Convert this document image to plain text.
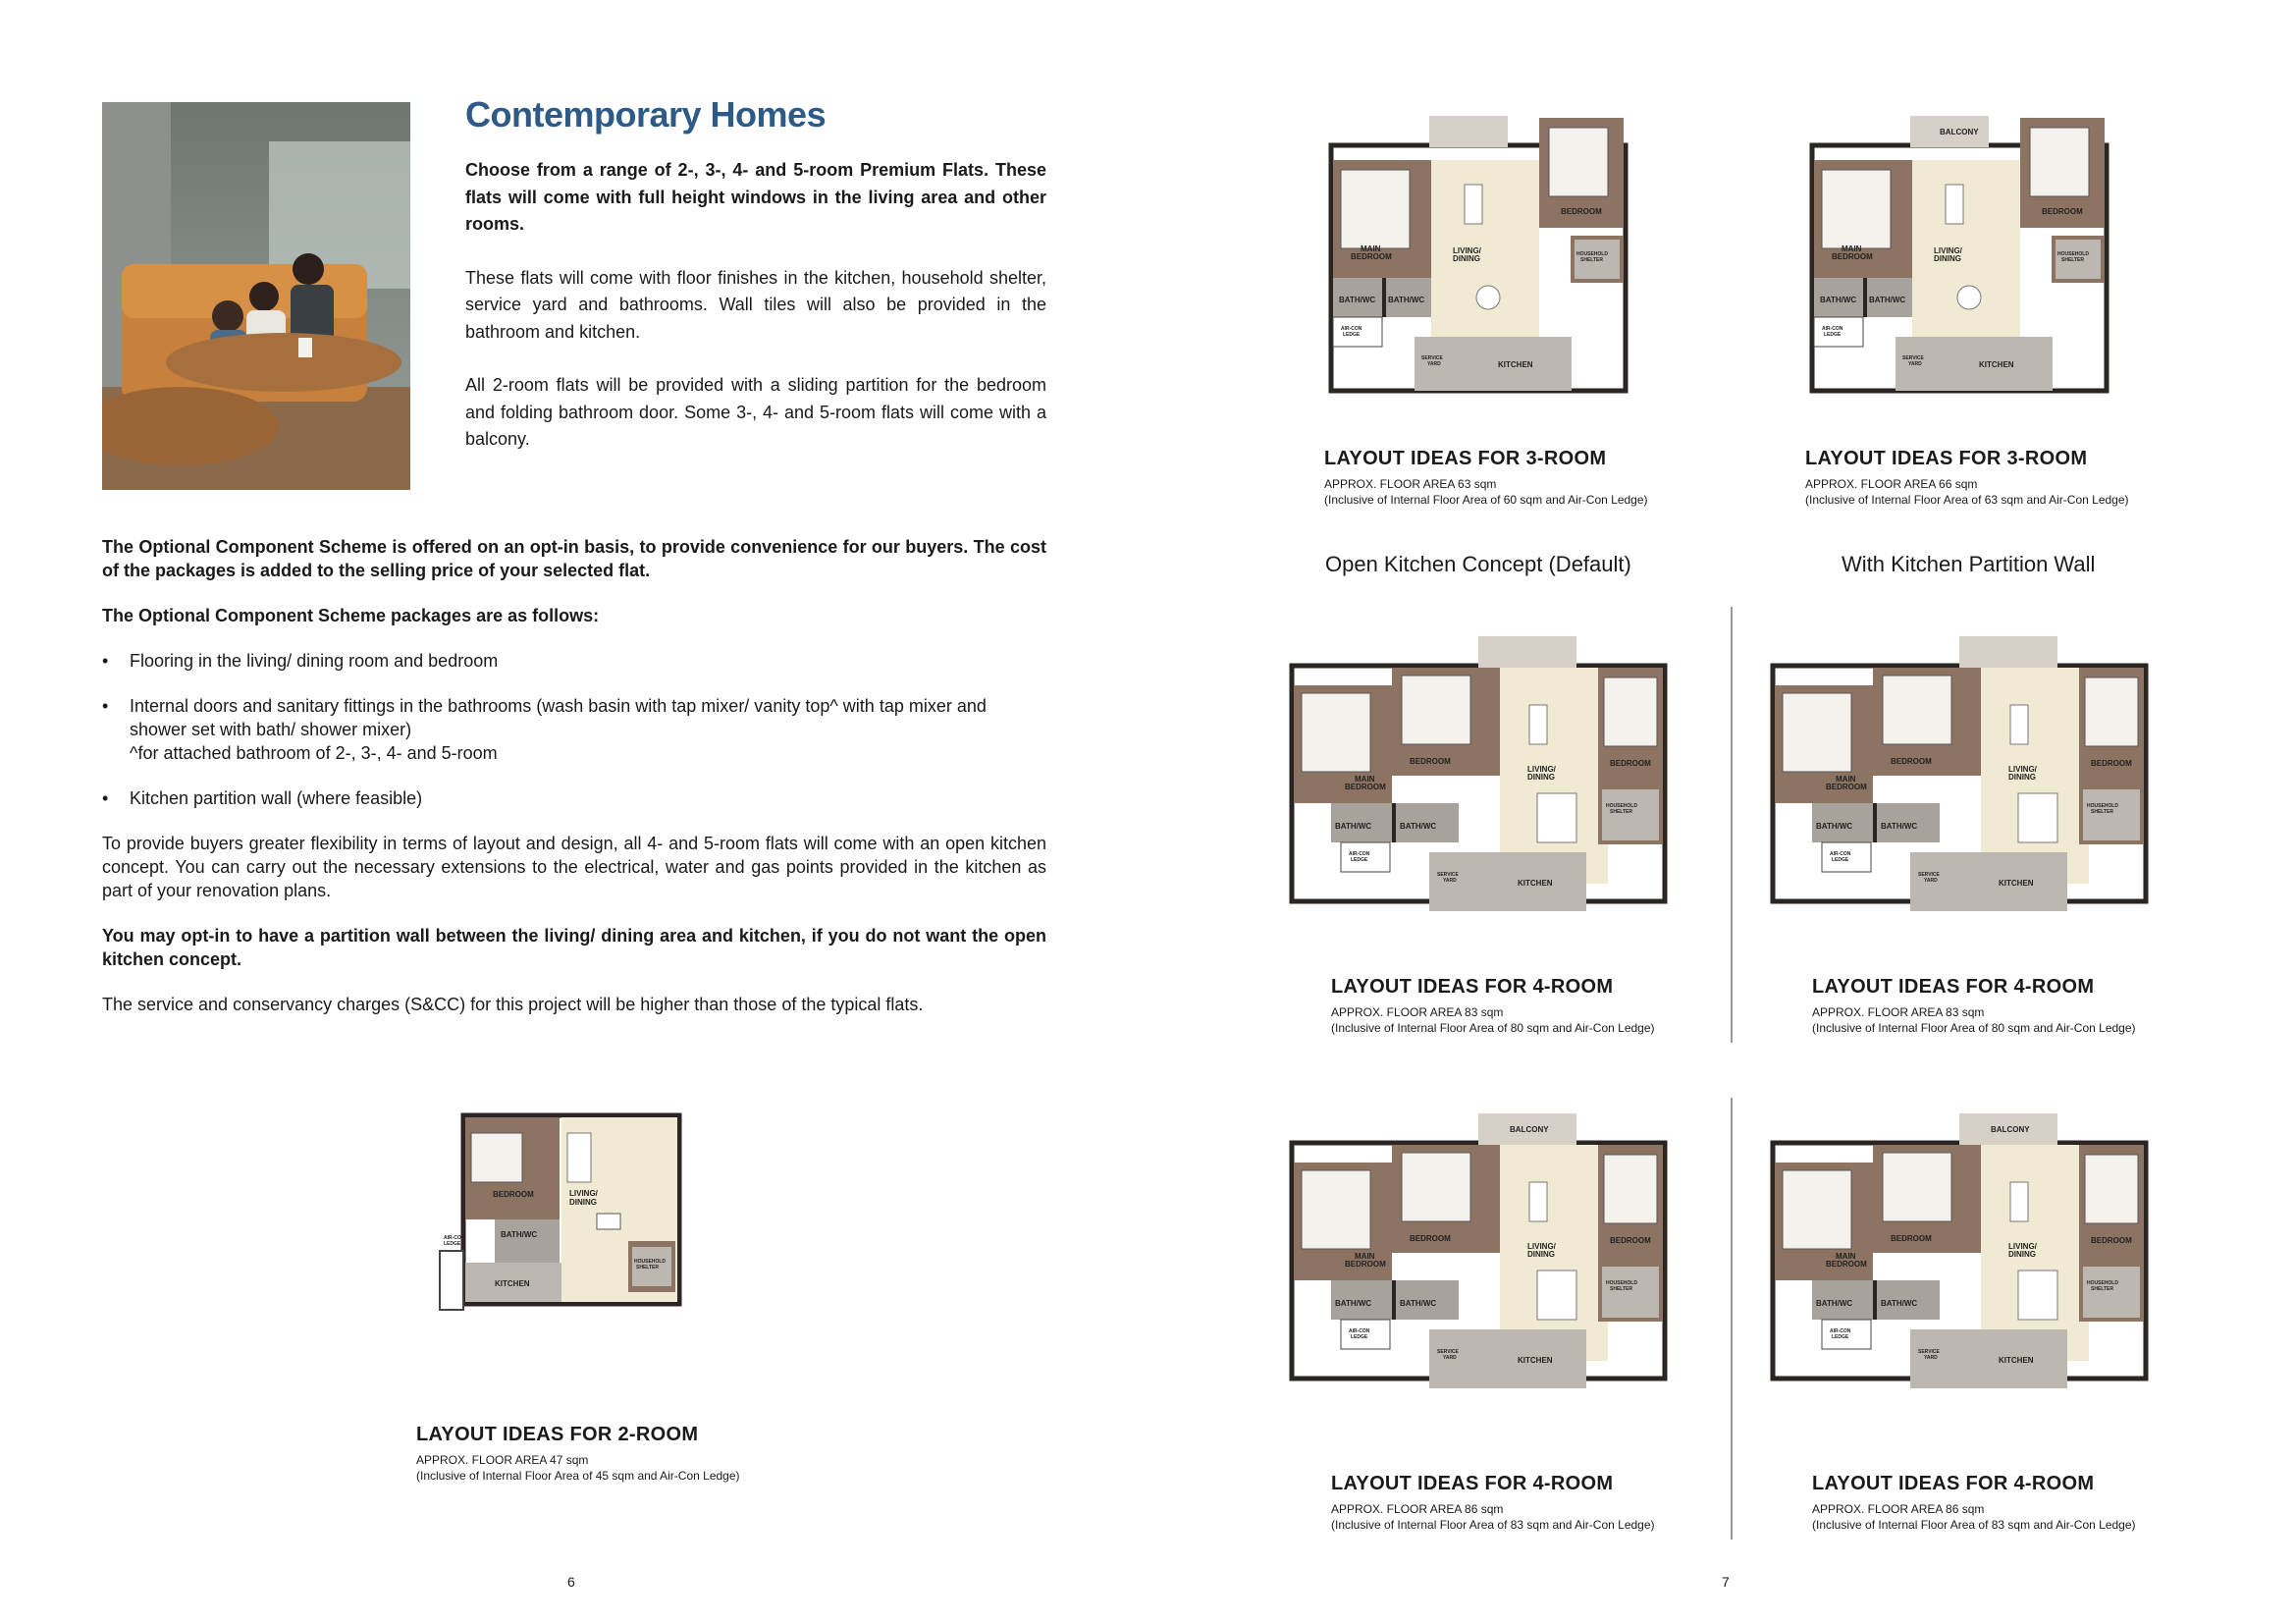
Contemporary Homes

Choose from a range of 2-, 3-, 4- and 5-room Premium Flats. These flats will come with full height windows in the living area and other rooms.

These flats will come with floor finishes in the kitchen, household shelter, service yard and bathrooms. Wall tiles will also be provided in the bathroom and kitchen.

All 2-room flats will be provided with a sliding partition for the bedroom and folding bathroom door. Some 3-, 4- and 5-room flats will come with a balcony.

The Optional Component Scheme is offered on an opt-in basis, to provide convenience for our buyers. The cost of the packages is added to the selling price of your selected flat.

The Optional Component Scheme packages are as follows:

• Flooring in the living/ dining room and bedroom
• Internal doors and sanitary fittings in the bathrooms (wash basin with tap mixer/ vanity top^ with tap mixer and shower set with bath/ shower mixer)
^for attached bathroom of 2-, 3-, 4- and 5-room
• Kitchen partition wall (where feasible)

To provide buyers greater flexibility in terms of layout and design, all 4- and 5-room flats will come with an open kitchen concept. You can carry out the necessary extensions to the electrical, water and gas points provided in the kitchen as part of your renovation plans.

You may opt-in to have a partition wall between the living/ dining area and kitchen, if you do not want the open kitchen concept.

The service and conservancy charges (S&CC) for this project will be higher than those of the typical flats.

BEDROOM	LIVING/
DINING
BATH/WC
AIR-CON
LEDGE
HOUSEHOLD
SHELTER
KITCHEN
LAYOUT IDEAS FOR 2-ROOM
APPROX. FLOOR AREA 47 sqm
(Inclusive of Internal Floor Area of 45 sqm and Air-Con Ledge)
6
Open Kitchen Concept (Default)	With Kitchen Partition Wall
MAIN
BEDROOM
BEDROOM
LIVING/
DINING
BATH/WC BATH/WC
HOUSEHOLD
SHELTER
AIR-CON
LEDGE
SERVICE
YARD	KITCHEN
BALCONY
MAIN
BEDROOM
BEDROOM
LIVING/
DINING
BATH/WC BATH/WC
HOUSEHOLD
SHELTER
AIR-CON
LEDGE
SERVICE
YARD	KITCHEN
MAIN
BEDROOM
BEDROOM	BEDROOM
LIVING/
DINING
BATH/WC	BATH/WC
HOUSEHOLD
SHELTER
AIR-CON
LEDGE
SERVICE
YARD	KITCHEN
MAIN
BEDROOM
BEDROOM	BEDROOM
LIVING/
DINING
BATH/WC	BATH/WC
HOUSEHOLD
SHELTER
AIR-CON
LEDGE
SERVICE
YARD	KITCHEN
BALCONY
MAIN
BEDROOM
BEDROOM	BEDROOM
LIVING/
DINING
BATH/WC	BATH/WC
HOUSEHOLD
SHELTER
AIR-CON
LEDGE
SERVICE
YARD	KITCHEN
BALCONY
MAIN
BEDROOM
BEDROOM	BEDROOM
LIVING/
DINING
BATH/WC	BATH/WC
HOUSEHOLD
SHELTER
AIR-CON
LEDGE
SERVICE
YARD	KITCHEN
LAYOUT IDEAS FOR 3-ROOM
APPROX. FLOOR AREA 63 sqm
(Inclusive of Internal Floor Area of 60 sqm and Air-Con Ledge)
LAYOUT IDEAS FOR 3-ROOM
APPROX. FLOOR AREA 66 sqm
(Inclusive of Internal Floor Area of 63 sqm and Air-Con Ledge)
LAYOUT IDEAS FOR 4-ROOM
APPROX. FLOOR AREA 83 sqm
(Inclusive of Internal Floor Area of 80 sqm and Air-Con Ledge)
LAYOUT IDEAS FOR 4-ROOM
APPROX. FLOOR AREA 83 sqm
(Inclusive of Internal Floor Area of 80 sqm and Air-Con Ledge)
LAYOUT IDEAS FOR 4-ROOM
APPROX. FLOOR AREA 86 sqm
(Inclusive of Internal Floor Area of 83 sqm and Air-Con Ledge)
LAYOUT IDEAS FOR 4-ROOM
APPROX. FLOOR AREA 86 sqm
(Inclusive of Internal Floor Area of 83 sqm and Air-Con Ledge)
7
